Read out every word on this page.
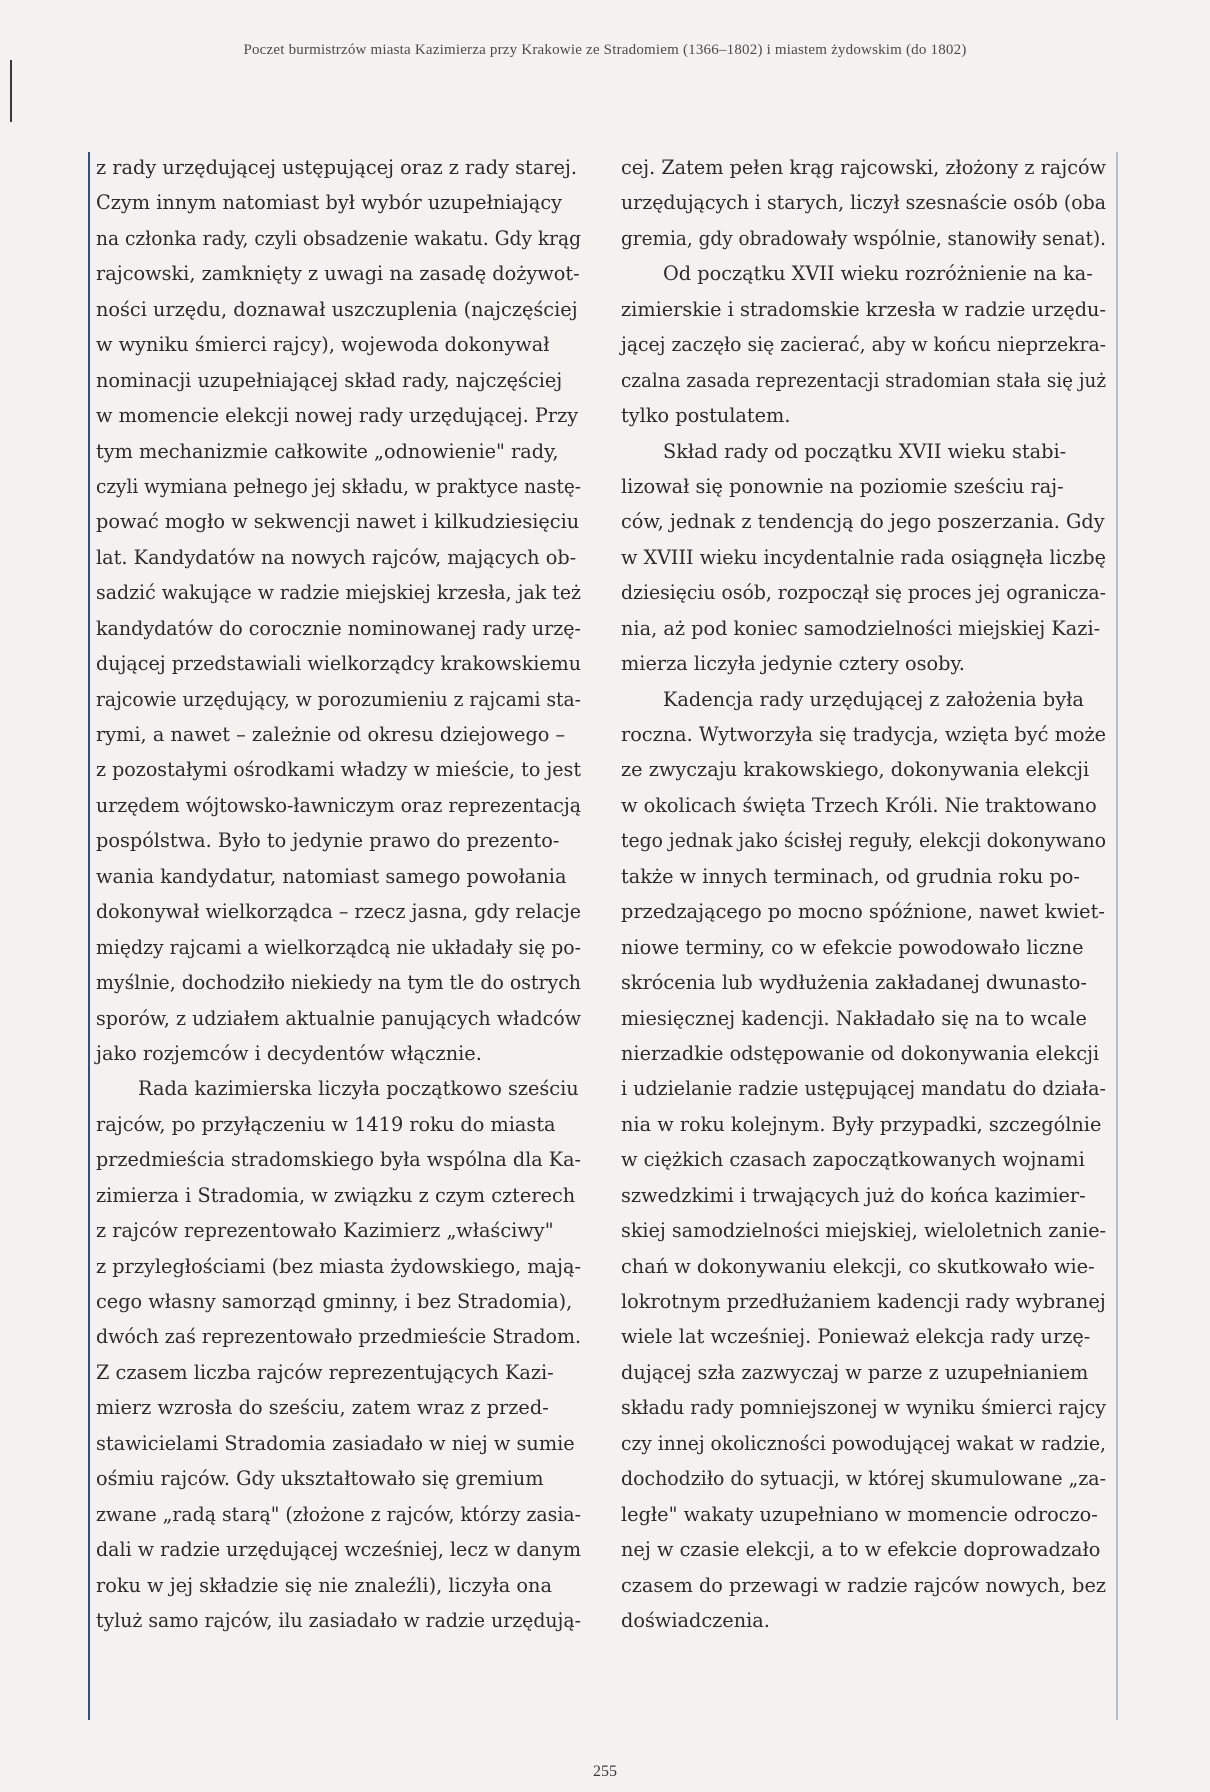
Poczet burmistrzów miasta Kazimierza przy Krakowie ze Stradomiem (1366–1802) i miastem żydowskim (do 1802)
z rady urzędującej ustępującej oraz z rady starej.
Czym innym natomiast był wybór uzupełniający
na członka rady, czyli obsadzenie wakatu. Gdy krąg
rajcowski, zamknięty z uwagi na zasadę dożywot-
ności urzędu, doznawał uszczuplenia (najczęściej
w wyniku śmierci rajcy), wojewoda dokonywał
nominacji uzupełniającej skład rady, najczęściej
w momencie elekcji nowej rady urzędującej. Przy
tym mechanizmie całkowite „odnowienie" rady,
czyli wymiana pełnego jej składu, w praktyce nastę-
pować mogło w sekwencji nawet i kilkudziesięciu
lat. Kandydatów na nowych rajców, mających ob-
sadzić wakujące w radzie miejskiej krzesła, jak też
kandydatów do corocznie nominowanej rady urzę-
dującej przedstawiali wielkorządcy krakowskiemu
rajcowie urzędujący, w porozumieniu z rajcami sta-
rymi, a nawet – zależnie od okresu dziejowego –
z pozostałymi ośrodkami władzy w mieście, to jest
urzędem wójtowsko-ławniczym oraz reprezentacją
pospólstwa. Było to jedynie prawo do prezento-
wania kandydatur, natomiast samego powołania
dokonywał wielkorządca – rzecz jasna, gdy relacje
między rajcami a wielkorządcą nie układały się po-
myślnie, dochodziło niekiedy na tym tle do ostrych
sporów, z udziałem aktualnie panujących władców
jako rozjemców i decydentów włącznie.
Rada kazimierska liczyła początkowo sześciu
rajców, po przyłączeniu w 1419 roku do miasta
przedmieścia stradomskiego była wspólna dla Ka-
zimierza i Stradomia, w związku z czym czterech
z rajców reprezentowało Kazimierz „właściwy"
z przyległościami (bez miasta żydowskiego, mają-
cego własny samorząd gminny, i bez Stradomia),
dwóch zaś reprezentowało przedmieście Stradom.
Z czasem liczba rajców reprezentujących Kazi-
mierz wzrosła do sześciu, zatem wraz z przed-
stawicielami Stradomia zasiadało w niej w sumie
ośmiu rajców. Gdy ukształtowało się gremium
zwane „radą starą" (złożone z rajców, którzy zasia-
dali w radzie urzędującej wcześniej, lecz w danym
roku w jej składzie się nie znaleźli), liczyła ona
tyluż samo rajców, ilu zasiadało w radzie urzędują-
cej. Zatem pełen krąg rajcowski, złożony z rajców
urzędujących i starych, liczył szesnaście osób (oba
gremia, gdy obradowały wspólnie, stanowiły senat).
Od początku XVII wieku rozróżnienie na ka-
zimierskie i stradomskie krzesła w radzie urzędu-
jącej zaczęło się zacierać, aby w końcu nieprzekra-
czalna zasada reprezentacji stradomian stała się już
tylko postulatem.
Skład rady od początku XVII wieku stabi-
lizował się ponownie na poziomie sześciu raj-
ców, jednak z tendencją do jego poszerzania. Gdy
w XVIII wieku incydentalnie rada osiągnęła liczbę
dziesięciu osób, rozpoczął się proces jej ogranicza-
nia, aż pod koniec samodzielności miejskiej Kazi-
mierza liczyła jedynie cztery osoby.
Kadencja rady urzędującej z założenia była
roczna. Wytworzyła się tradycja, wzięta być może
ze zwyczaju krakowskiego, dokonywania elekcji
w okolicach święta Trzech Króli. Nie traktowano
tego jednak jako ścisłej reguły, elekcji dokonywano
także w innych terminach, od grudnia roku po-
przedzającego po mocno spóźnione, nawet kwiet-
niowe terminy, co w efekcie powodowało liczne
skrócenia lub wydłużenia zakładanej dwunasto-
miesięcznej kadencji. Nakładało się na to wcale
nierzadkie odstępowanie od dokonywania elekcji
i udzielanie radzie ustępującej mandatu do działa-
nia w roku kolejnym. Były przypadki, szczególnie
w ciężkich czasach zapoczątkowanych wojnami
szwedzkimi i trwających już do końca kazimier-
skiej samodzielności miejskiej, wieloletnich zanie-
chań w dokonywaniu elekcji, co skutkowało wie-
lokrotnym przedłużaniem kadencji rady wybranej
wiele lat wcześniej. Ponieważ elekcja rady urzę-
dującej szła zazwyczaj w parze z uzupełnianiem
składu rady pomniejszonej w wyniku śmierci rajcy
czy innej okoliczności powodującej wakat w radzie,
dochodziło do sytuacji, w której skumulowane „za-
ległe" wakaty uzupełniano w momencie odroczo-
nej w czasie elekcji, a to w efekcie doprowadzało
czasem do przewagi w radzie rajców nowych, bez
doświadczenia.
255
